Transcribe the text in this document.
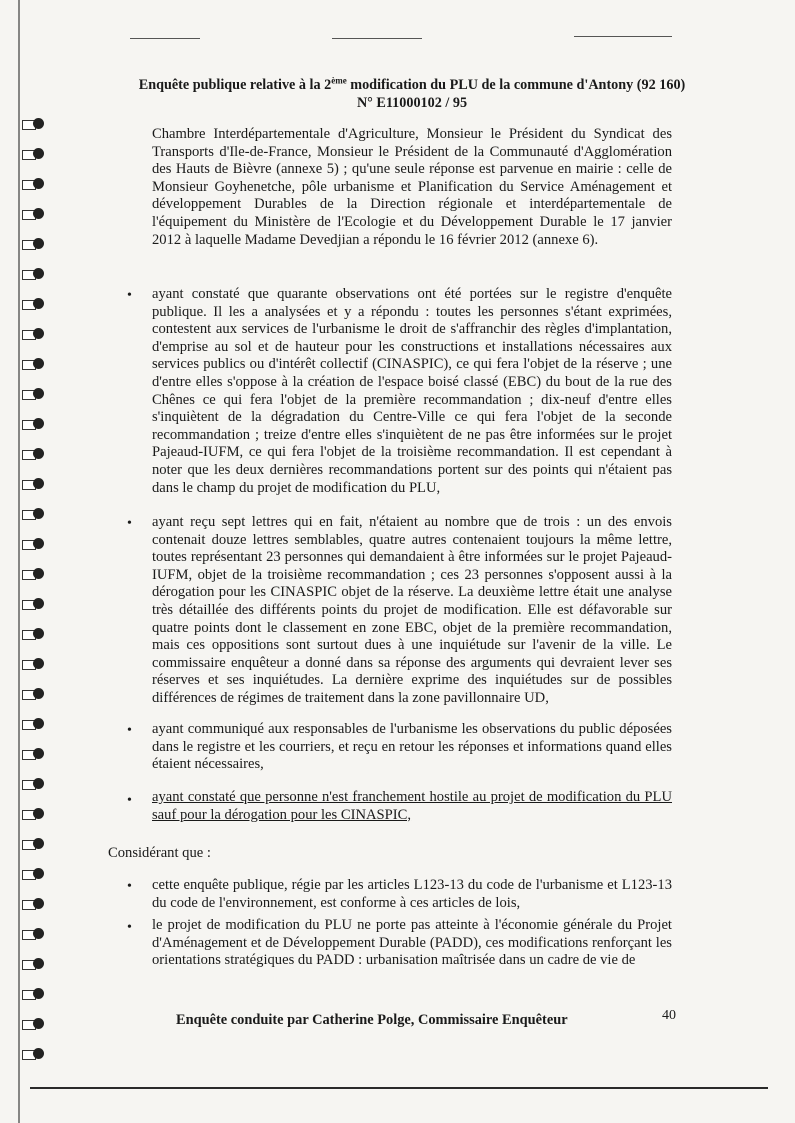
Enquête publique relative à la 2ème modification du PLU de la commune d'Antony (92 160)
N° E11000102 / 95
Chambre Interdépartementale d'Agriculture, Monsieur le Président du Syndicat des Transports d'Ile-de-France, Monsieur le Président de la Communauté d'Agglomération des Hauts de Bièvre (annexe 5) ; qu'une seule réponse est parvenue en mairie : celle de Monsieur Goyhenetche, pôle urbanisme et Planification du Service Aménagement et développement Durables de la Direction régionale et interdépartementale de l'équipement du Ministère de l'Ecologie et du Développement Durable le 17 janvier 2012 à laquelle Madame Devedjian a répondu le 16 février 2012 (annexe 6).
• ayant constaté que quarante observations ont été portées sur le registre d'enquête publique. Il les a analysées et y a répondu : toutes les personnes s'étant exprimées, contestent aux services de l'urbanisme le droit de s'affranchir des règles d'implantation, d'emprise au sol et de hauteur pour les constructions et installations nécessaires aux services publics ou d'intérêt collectif (CINASPIC), ce qui fera l'objet de la réserve ; une d'entre elles s'oppose à la création de l'espace boisé classé (EBC) du bout de la rue des Chênes ce qui fera l'objet de la première recommandation ; dix-neuf d'entre elles s'inquiètent de la dégradation du Centre-Ville ce qui fera l'objet de la seconde recommandation ; treize d'entre elles s'inquiètent de ne pas être informées sur le projet Pajeaud-IUFM, ce qui fera l'objet de la troisième recommandation. Il est cependant à noter que les deux dernières recommandations portent sur des points qui n'étaient pas dans le champ du projet de modification du PLU,
• ayant reçu sept lettres qui en fait, n'étaient au nombre que de trois : un des envois contenait douze lettres semblables, quatre autres contenaient toujours la même lettre, toutes représentant 23 personnes qui demandaient à être informées sur le projet Pajeaud-IUFM, objet de la troisième recommandation ; ces 23 personnes s'opposent aussi à la dérogation pour les CINASPIC objet de la réserve. La deuxième lettre était une analyse très détaillée des différents points du projet de modification. Elle est défavorable sur quatre points dont le classement en zone EBC, objet de la première recommandation, mais ces oppositions sont surtout dues à une inquiétude sur l'avenir de la ville. Le commissaire enquêteur a donné dans sa réponse des arguments qui devraient lever ses réserves et ses inquiétudes. La dernière exprime des inquiétudes sur de possibles différences de régimes de traitement dans la zone pavillonnaire UD,
• ayant communiqué aux responsables de l'urbanisme les observations du public déposées dans le registre et les courriers, et reçu en retour les réponses et informations quand elles étaient nécessaires,
• ayant constaté que personne n'est franchement hostile au projet de modification du PLU sauf pour la dérogation pour les CINASPIC,
Considérant que :
• cette enquête publique, régie par les articles L123-13 du code de l'urbanisme et L123-13 du code de l'environnement, est conforme à ces articles de lois,
• le projet de modification du PLU ne porte pas atteinte à l'économie générale du Projet d'Aménagement et de Développement Durable (PADD), ces modifications renforçant les orientations stratégiques du PADD : urbanisation maîtrisée dans un cadre de vie de
Enquête conduite par Catherine Polge, Commissaire Enquêteur	40
